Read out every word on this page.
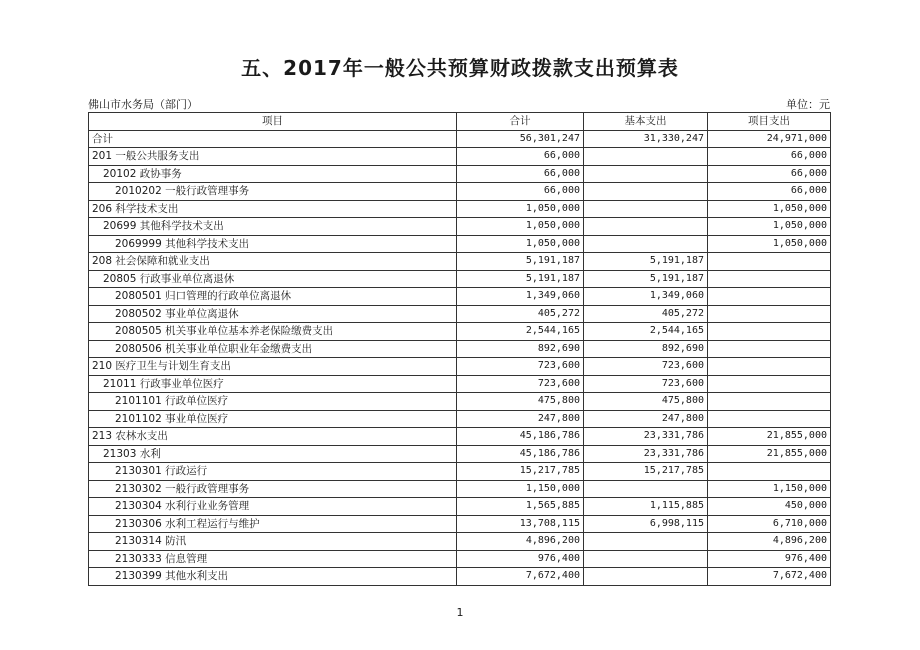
五、2017年一般公共预算财政拨款支出预算表
佛山市水务局（部门）	单位：元
项目	合计	基本支出	项目支出
合计	56,301,247	31,330,247	24,971,000
201 一般公共服务支出	66,000		66,000
20102 政协事务	66,000		66,000
2010202 一般行政管理事务	66,000		66,000
206 科学技术支出	1,050,000		1,050,000
20699 其他科学技术支出	1,050,000		1,050,000
2069999 其他科学技术支出	1,050,000		1,050,000
208 社会保障和就业支出	5,191,187	5,191,187	
20805 行政事业单位离退休	5,191,187	5,191,187	
2080501 归口管理的行政单位离退休	1,349,060	1,349,060	
2080502 事业单位离退休	405,272	405,272	
2080505 机关事业单位基本养老保险缴费支出	2,544,165	2,544,165	
2080506 机关事业单位职业年金缴费支出	892,690	892,690	
210 医疗卫生与计划生育支出	723,600	723,600	
21011 行政事业单位医疗	723,600	723,600	
2101101 行政单位医疗	475,800	475,800	
2101102 事业单位医疗	247,800	247,800	
213 农林水支出	45,186,786	23,331,786	21,855,000
21303 水利	45,186,786	23,331,786	21,855,000
2130301 行政运行	15,217,785	15,217,785	
2130302 一般行政管理事务	1,150,000		1,150,000
2130304 水利行业业务管理	1,565,885	1,115,885	450,000
2130306 水利工程运行与维护	13,708,115	6,998,115	6,710,000
2130314 防汛	4,896,200		4,896,200
2130333 信息管理	976,400		976,400
2130399 其他水利支出	7,672,400		7,672,400
1
